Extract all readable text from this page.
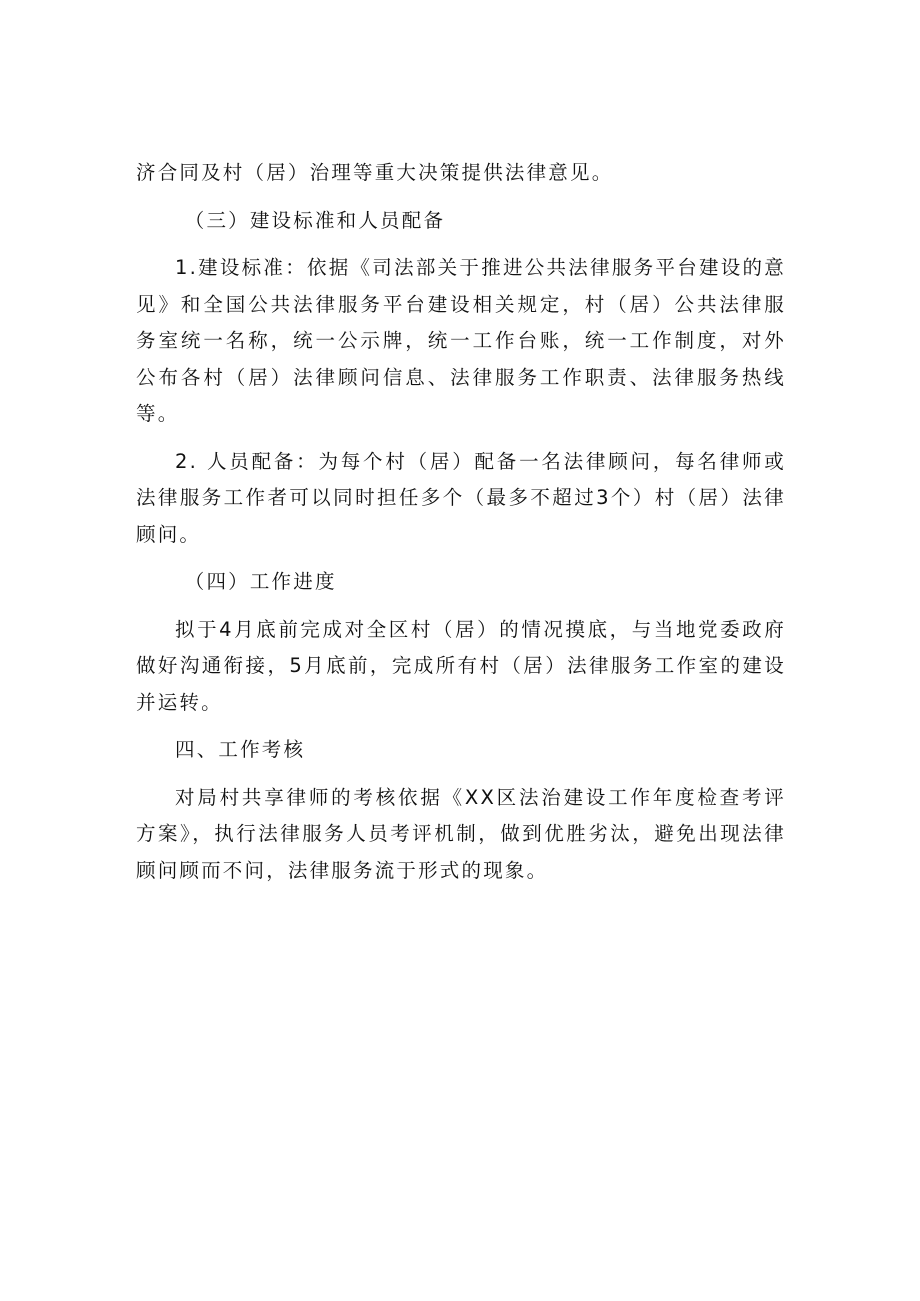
济合同及村（居）治理等重大决策提供法律意见。

（三）建设标准和人员配备

1.建设标准：依据《司法部关于推进公共法律服务平台建设的意见》和全国公共法律服务平台建设相关规定，村（居）公共法律服务室统一名称，统一公示牌，统一工作台账，统一工作制度，对外公布各村（居）法律顾问信息、法律服务工作职责、法律服务热线等。

2. 人员配备：为每个村（居）配备一名法律顾问，每名律师或法律服务工作者可以同时担任多个（最多不超过3个）村（居）法律顾问。

（四）工作进度

拟于4月底前完成对全区村（居）的情况摸底，与当地党委政府做好沟通衔接，5月底前，完成所有村（居）法律服务工作室的建设并运转。

四、工作考核

对局村共享律师的考核依据《XX区法治建设工作年度检查考评方案》，执行法律服务人员考评机制，做到优胜劣汰，避免出现法律顾问顾而不问，法律服务流于形式的现象。
